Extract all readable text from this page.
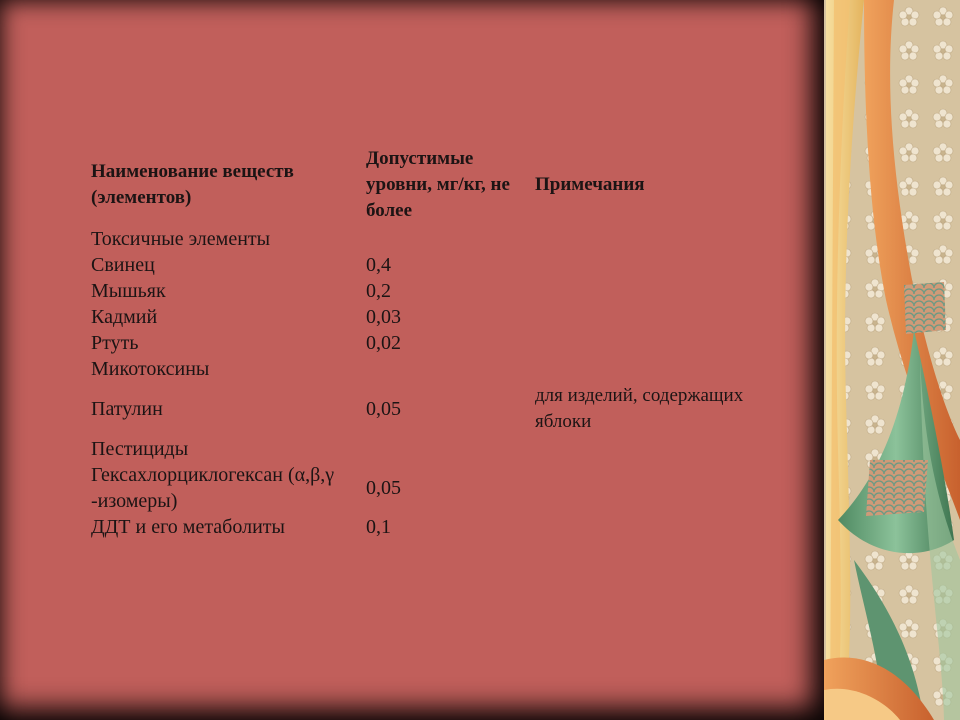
Наименование веществ (элементов)	Допустимые уровни, мг/кг, не более	Примечания
Токсичные элементы		
Свинец	0,4	
Мышьяк	0,2	
Кадмий	0,03	
Ртуть	0,02	
Микотоксины		
Патулин	0,05	для изделий, содержащих яблоки
Пестициды		
Гексахлорциклогексан (α,β,γ -изомеры)	0,05	
ДДТ и его метаболиты	0,1	
